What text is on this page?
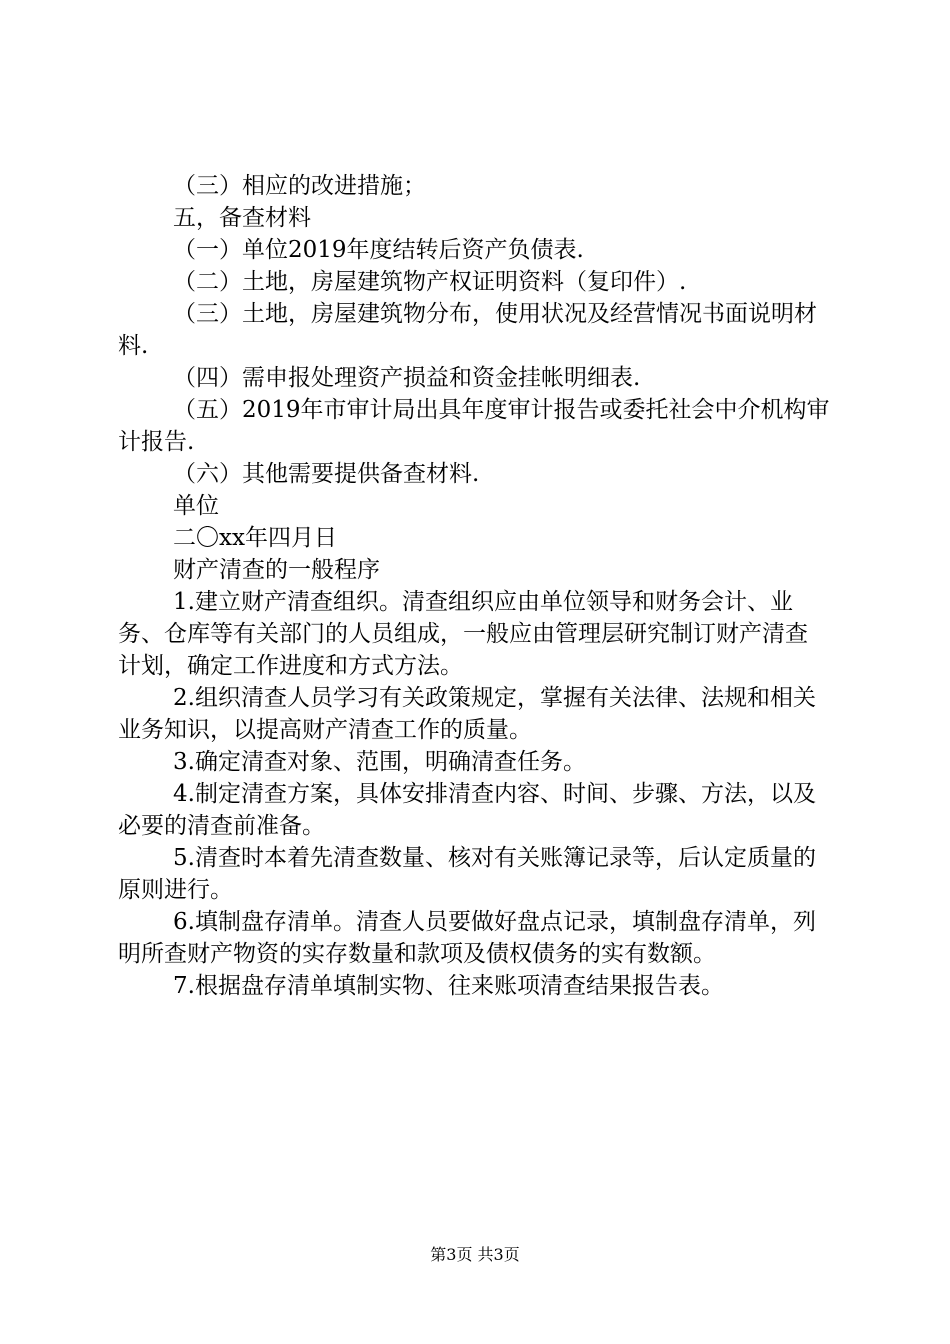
（三）相应的改进措施；

五，备查材料

（一）单位2019年度结转后资产负债表.

（二）土地，房屋建筑物产权证明资料（复印件）.

（三）土地，房屋建筑物分布，使用状况及经营情况书面说明材料.

（四）需申报处理资产损益和资金挂帐明细表.

（五）2019年市审计局出具年度审计报告或委托社会中介机构审计报告.

（六）其他需要提供备查材料.

单位

二〇xx年四月日

财产清查的一般程序

1.建立财产清查组织。清查组织应由单位领导和财务会计、业务、仓库等有关部门的人员组成，一般应由管理层研究制订财产清查计划，确定工作进度和方式方法。

2.组织清查人员学习有关政策规定，掌握有关法律、法规和相关业务知识，以提高财产清查工作的质量。

3.确定清查对象、范围，明确清查任务。

4.制定清查方案，具体安排清查内容、时间、步骤、方法，以及必要的清查前准备。

5.清查时本着先清查数量、核对有关账簿记录等，后认定质量的原则进行。

6.填制盘存清单。清查人员要做好盘点记录，填制盘存清单，列明所查财产物资的实存数量和款项及债权债务的实有数额。

7.根据盘存清单填制实物、往来账项清查结果报告表。

第3页 共3页
